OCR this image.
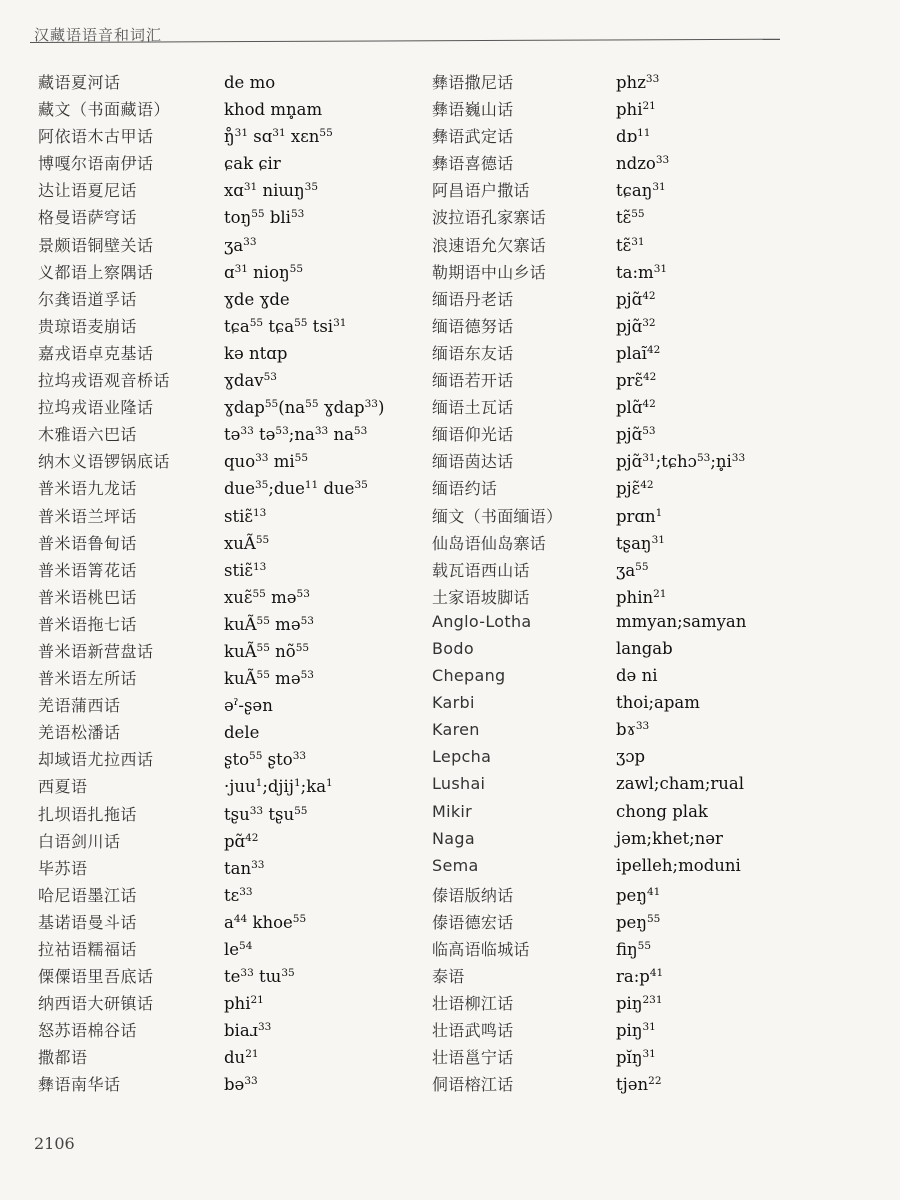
汉藏语语音和词汇
藏语夏河话	de mo
藏文（书面藏语）	khod mn̥am
阿依语木古甲话	ŋ̊$^{31}$ sɑ$^{31}$ xɛn$^{55}$
博嘎尔语南伊话	ɕak ɕir
达让语夏尼话	xɑ$^{31}$ niɯŋ$^{35}$
格曼语萨穹话	toŋ$^{55}$ bli$^{53}$
景颇语铜壁关话	ʒa$^{33}$
义都语上察隅话	ɑ$^{31}$ nioŋ$^{55}$
尔龚语道孚话	ɣde ɣde
贵琼语麦崩话	tɕa$^{55}$ tɕa$^{55}$ tsi$^{31}$
嘉戎语卓克基话	kə ntɑp
拉坞戎语观音桥话	ɣdav$^{53}$
拉坞戎语业隆话	$ɣdap^{55}(na^{55}$ ɣdap$^{33}$)
木雅语六巴话	tə$^{33}$ $tə^{53};na^{33}$ $na^{53}$
纳木义语锣锅底话	quo$^{33}$ $mi^{55}$
普米语九龙话	due$^{35}$;due$^{11}$ due$^{35}$
普米语兰坪话	stiɛ̃$^{13}$
普米语鲁甸话	xuÃ$^{55}$
普米语箐花话	stiɛ̃$^{13}$
普米语桃巴话	xuɛ̃$^{55}$ mə$^{53}$
普米语拖七话	kuÃ$^{55}$ mə$^{53}$
普米语新营盘话	kuÃ$^{55}$ $nõ^{55}$
普米语左所话	kuÃ$^{55}$ mə$^{53}$
羌语蒲西话	əˀ-ʂən
羌语松潘话	dele
却域语尤拉西话	ʂto$^{55}$ ʂto$^{33}$
西夏语	$\cdot juu^1;djij^1;ka^1$
扎坝语扎拖话	tʂu$^{33}$ tʂu$^{55}$
白语剑川话	pɑ̃$^{42}$
毕苏语	$\tan^{33}$
哈尼语墨江话	tɛ$^{33}$
基诺语曼斗话	$a^{44}$ khoe$^{55}$
拉祜语糯福话	$le^{54}$
傈僳语里吾底话	$te^{33}$ tɯ$^{35}$
纳西语大研镇话	phi$^{21}$
怒苏语棉谷话	biaɹ$^{33}$
撒都语	$du^{21}$
彝语南华话	bə$^{33}$
彝语撒尼话	phz$^{33}$
彝语巍山话	phi$^{21}$
彝语武定话	dɒ$^{11}$
彝语喜德话	ndzo$^{33}$
阿昌语户撒话	tɕaŋ$^{31}$
波拉语孔家寨话	tɛ̃$^{55}$
浪速语允欠寨话	tɛ̃$^{31}$
勒期语中山乡话	$ta:m^{31}$
缅语丹老话	pjɑ̃$^{42}$
缅语德努话	pjɑ̃$^{32}$
缅语东友话	plaĩ$^{42}$
缅语若开话	prɛ̃$^{42}$
缅语土瓦话	plɑ̃$^{42}$
缅语仰光话	pjɑ̃$^{53}$
缅语茵达话	$pjɑ̃^{31};tɕhɔ^{53};n̥i^{33}$
缅语约话	pjɛ̃$^{42}$
缅文（书面缅语）	prɑn$^1$
仙岛语仙岛寨话	tʂaŋ$^{31}$
载瓦语西山话	ʒa$^{55}$
土家语坡脚话	phin$^{21}$
Anglo-Lotha	mmyan;samyan
Bodo	langab
Chepang	də ni
Karbi	thoi;apam
Karen	bɤ$^{33}$
Lepcha	ʒɔp
Lushai	zawl;cham;rual
Mikir	chong plak
Naga	jəm;khet;nər
Sema	ipelleh;moduni
傣语版纳话	peŋ$^{41}$
傣语德宏话	peŋ$^{55}$
临高语临城话	fiŋ$^{55}$
泰语	$ra:p^{41}$
壮语柳江话	piŋ$^{231}$
壮语武鸣话	piŋ$^{31}$
壮语邕宁话	pĭŋ$^{31}$
侗语榕江话	tjən$^{22}$
2106
